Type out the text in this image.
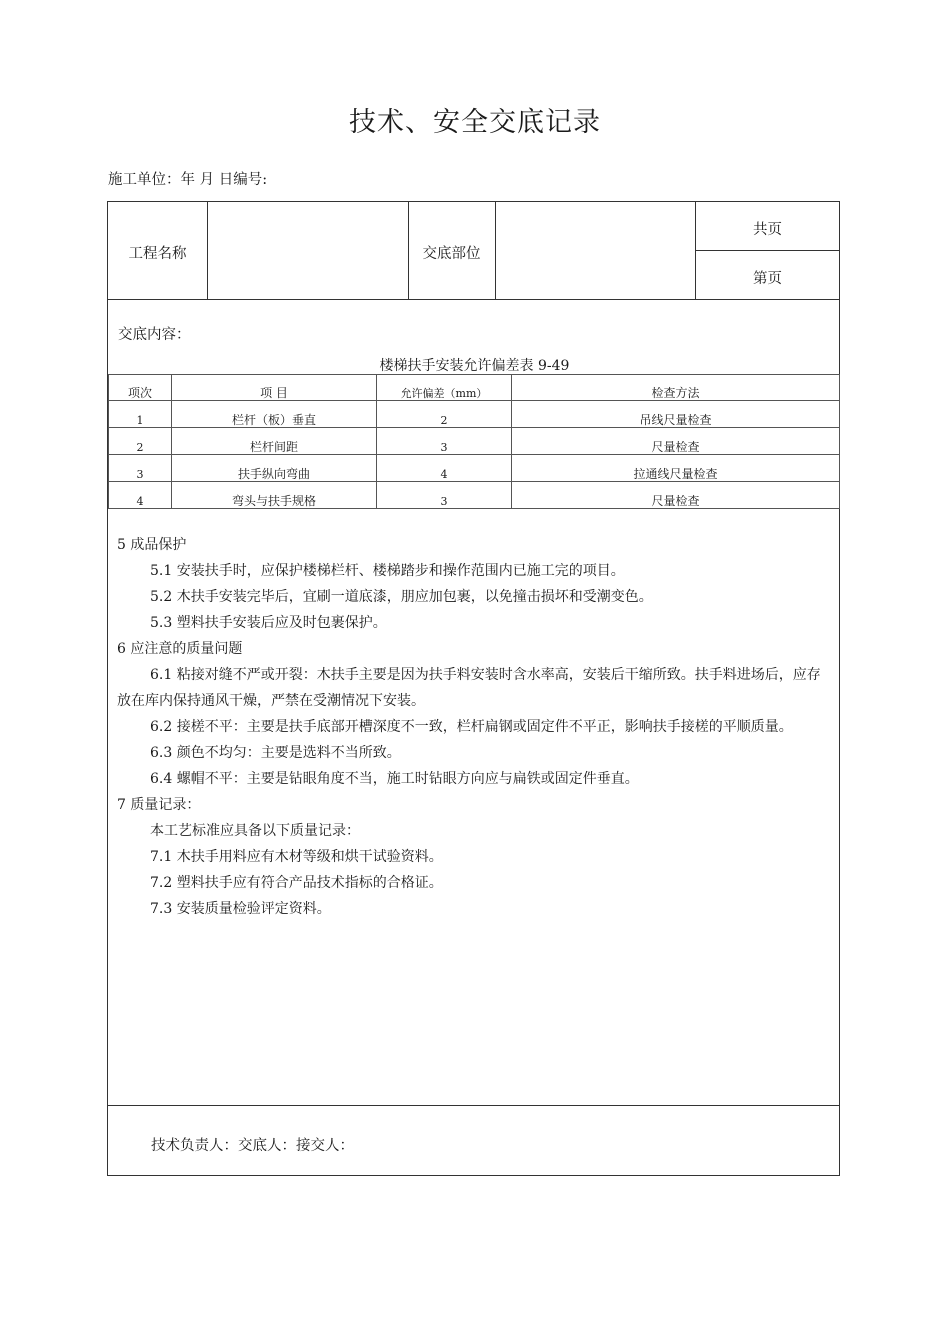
技术、安全交底记录
施工单位：年 月 日编号:
工程名称	交底部位
共页
第页
交底内容：
楼梯扶手安装允许偏差表 9-49
项次	项 目	允许偏差（mm）	检查方法
1	栏杆（板）垂直	2	吊线尺量检查
2	栏杆间距	3	尺量检查
3	扶手纵向弯曲	4	拉通线尺量检查
4	弯头与扶手规格	3	尺量检查

5 成品保护

5.1 安装扶手时，应保护楼梯栏杆、楼梯踏步和操作范围内已施工完的项目。

5.2 木扶手安装完毕后，宜刷一道底漆，朋应加包裹，以免撞击损坏和受潮变色。

5.3 塑料扶手安装后应及时包裹保护。

6 应注意的质量问题

6.1 粘接对缝不严或开裂：木扶手主要是因为扶手料安装时含水率高，安装后干缩所致。扶手料进场后，应存放在库内保持通风干燥，严禁在受潮情况下安装。

6.2 接槎不平：主要是扶手底部开槽深度不一致，栏杆扁钢或固定件不平正，影响扶手接槎的平顺质量。

6.3 颜色不均匀：主要是选料不当所致。

6.4 螺帽不平：主要是钻眼角度不当，施工时钻眼方向应与扁铁或固定件垂直。

7 质量记录：

本工艺标准应具备以下质量记录：

7.1 木扶手用料应有木材等级和烘干试验资料。

7.2 塑料扶手应有符合产品技术指标的合格证。

7.3 安装质量检验评定资料。

技术负责人：交底人：接交人：
